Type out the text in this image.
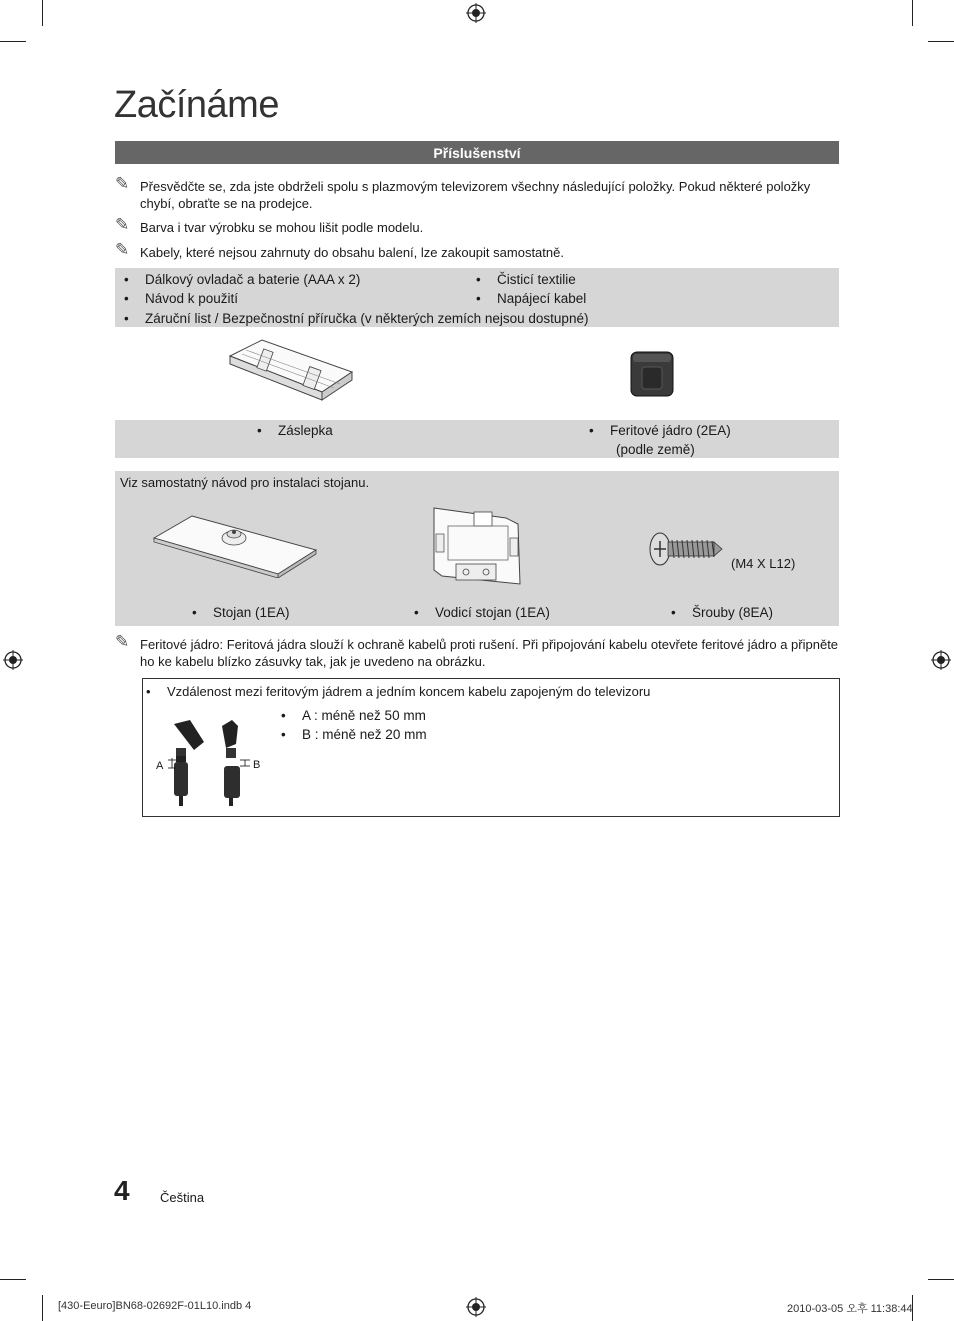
Začínáme
Příslušenství
✎ Přesvědčte se, zda jste obdrželi spolu s plazmovým televizorem všechny následující položky. Pokud některé položky chybí, obraťte se na prodejce.
✎ Barva i tvar výrobku se mohou lišit podle modelu.
✎ Kabely, které nejsou zahrnuty do obsahu balení, lze zakoupit samostatně.
• Dálkový ovladač a baterie (AAA x 2)
• Návod k použití
• Čisticí textilie
• Napájecí kabel
• Záruční list / Bezpečnostní příručka (v některých zemích nejsou dostupné)
• Záslepka	• Feritové jádro (2EA)
(podle země)
Viz samostatný návod pro instalaci stojanu.
(M4 X L12)
• Stojan (1EA)	• Vodicí stojan (1EA)	• Šrouby (8EA)
✎ Feritové jádro: Feritová jádra slouží k ochraně kabelů proti rušení. Při připojování kabelu otevřete feritové jádro a připněte ho ke kabelu blízko zásuvky tak, jak je uvedeno na obrázku.
• Vzdálenost mezi feritovým jádrem a jedním koncem kabelu zapojeným do televizoru
A	B
• A : méně než 50 mm
• B : méně než 20 mm
4 Čeština
[430-Eeuro]BN68-02692F-01L10.indb 4	2010-03-05 오후 11:38:44
